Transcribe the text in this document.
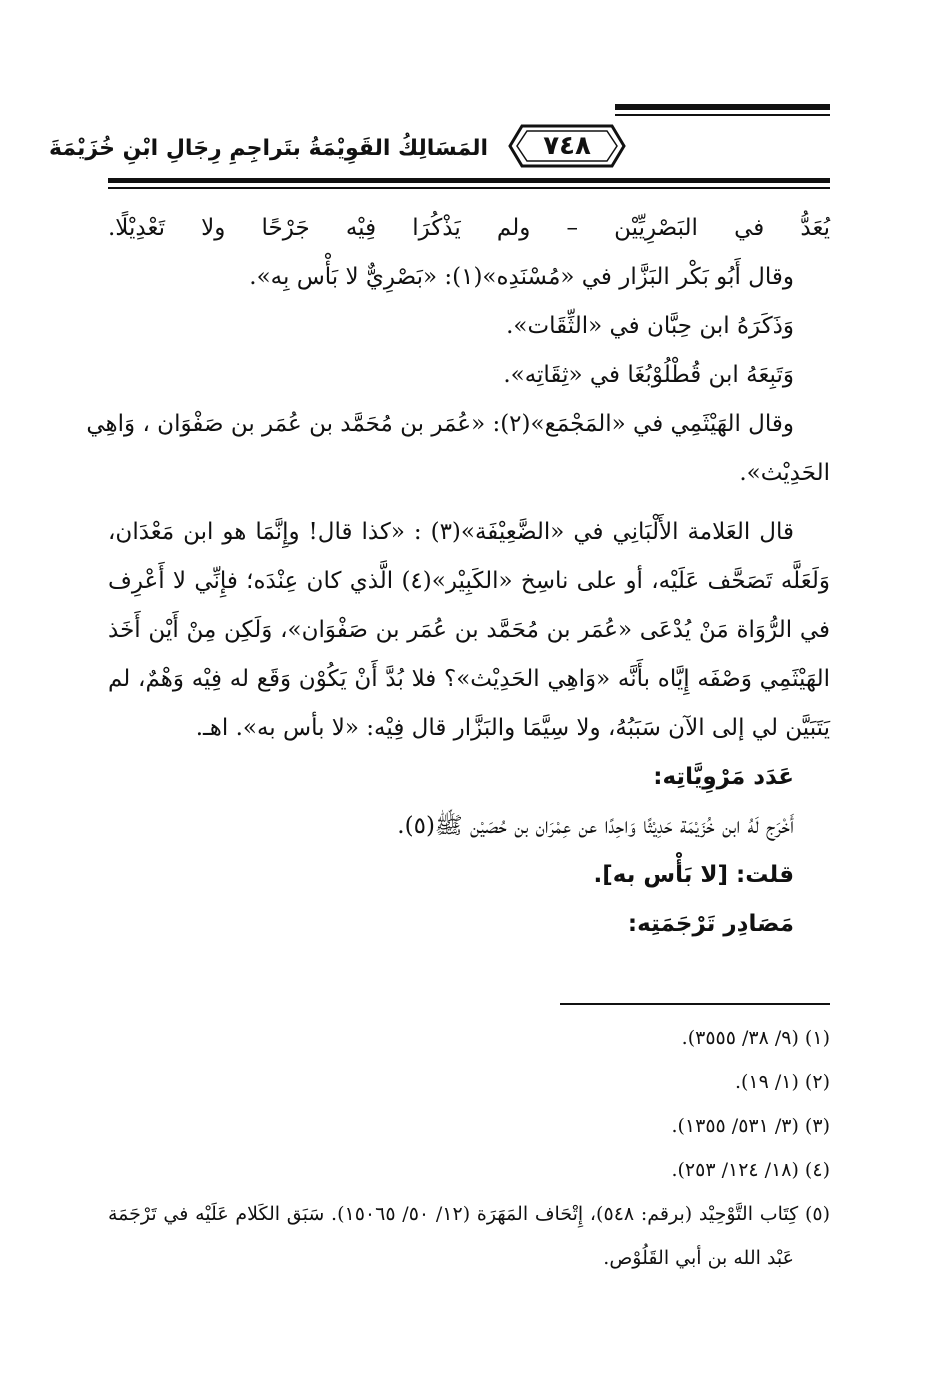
٧٤٨
المَسَالِكُ القَوِيْمَةُ بتَراجِمِ رِجَالِ ابْنِ خُزَيْمَةَ
يُعَدُّ في البَصْرِيِّيْن – ولم يَذْكُرَا فِيْه جَرْحًا ولا تَعْدِيْلًا.
وقال أَبُو بَكْر البَزَّار في «مُسْنَدِه»(١): «بَصْرِيٌّ لا بَأْس بِه».
وَذَكَرَهُ ابن حِبَّان في «الثِّقَات».
وَتَبِعَهُ ابن قُطْلُوْبُغَا في «ثِقَاتِه».
وقال الهَيْثَمِي في «المَجْمَع»(٢): «عُمَر بن مُحَمَّد بن عُمَر بن صَفْوَان ، وَاهِي
الحَدِيْث».
قال العَلامة الأَلْبَانِي في «الضَّعِيْفَة»(٣) : «كذا قال! وإِنَّمَا هو ابن مَعْدَان،
وَلَعَلَّه تَصَحَّف عَلَيْه، أو على ناسِخ «الكَبِيْر»(٤) الَّذي كان عِنْدَه؛ فإِنِّي لا أَعْرِف
في الرُّوَاة مَنْ يُدْعَى «عُمَر بن مُحَمَّد بن عُمَر بن صَفْوَان»، وَلَكِن مِنْ أَيْن أَخَذ
الهَيْثَمِي وَصْفَه إِيَّاه بأَنَّه «وَاهِي الحَدِيْث»؟ فلا بُدَّ أَنْ يَكُوْن وَقَع له فِيْه وَهْمٌ، لم
يَتَبَيَّن لي إلى الآن سَبَبُهُ، ولا سِيَّمَا والبَزَّار قال فِيْه: «لا بأس به». اهـ.
عَدَد مَرْوِيَّاتِه:
أَخْرَج لَهُ ابن خُزَيْمَة حَدِيْثًا وَاحِدًا عن عِمْرَان بن حُصَيْن ﷺ(٥).
قلت: [لا بَأْس به].
مَصَادِر تَرْجَمَتِه:
(١) (٩/ ٣٨/ ٣٥٥٥).
(٢) (١/ ١٩).
(٣) (٣/ ٥٣١/ ١٣٥٥).
(٤) (١٨/ ١٢٤/ ٢٥٣).
(٥) كِتَاب التَّوْحِيْد (برقم: ٥٤٨)، إِتْحَاف المَهَرَة (١٢/ ٥٠/ ١٥٠٦٥). سَبَق الكَلام عَلَيْه في تَرْجَمَة
عَبْد الله بن أبي القَلُوْص.
